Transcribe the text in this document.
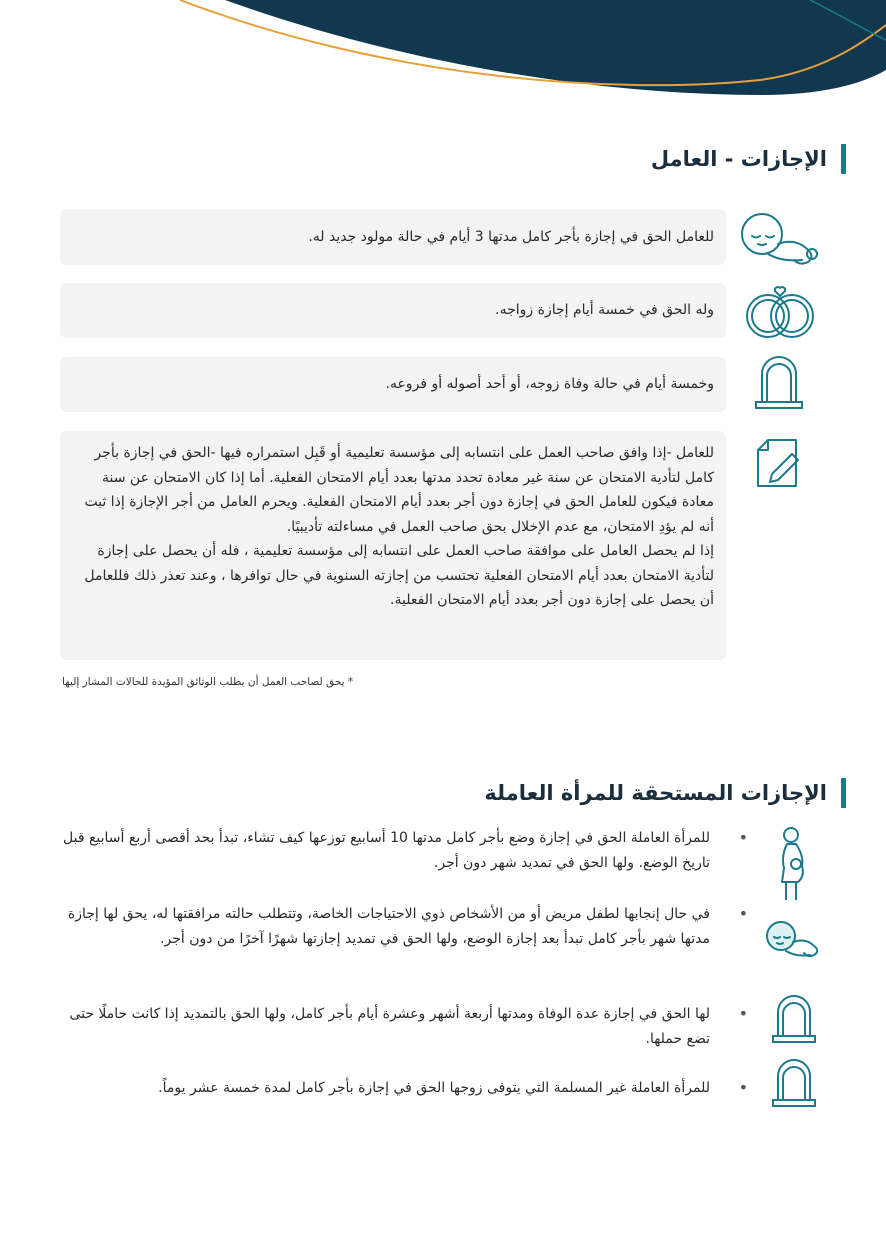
الإجازات - العامل
للعامل الحق في إجازة بأجر كامل مدتها 3 أيام في حالة مولود جديد له.
وله الحق في خمسة أيام إجازة زواجه.
وخمسة أيام في حالة وفاة زوجه، أو أحد أصوله أو فروعه.
للعامل -إذا وافق صاحب العمل على انتسابه إلى مؤسسة تعليمية أو قَبِل استمراره فيها -الحق في إجازة بأجر كامل لتأدية الامتحان عن سنة غير معادة تحدد مدتها بعدد أيام الامتحان الفعلية. أما إذا كان الامتحان عن سنة معادة فيكون للعامل الحق في إجازة دون أجر بعدد أيام الامتحان الفعلية. ويحرم العامل من أجر الإجازة إذا ثبت أنه لم يؤدِ الامتحان، مع عدم الإخلال بحق صاحب العمل في مساءلته تأديبيًا.
إذا لم يحصل العامل على موافقة صاحب العمل على انتسابه إلى مؤسسة تعليمية ، فله أن يحصل على إجازة لتأدية الامتحان بعدد أيام الامتحان الفعلية تحتسب من إجازته السنوية في حال توافرها ، وعند تعذر ذلك فللعامل أن يحصل على إجازة دون أجر بعدد أيام الامتحان الفعلية.
* يحق لصاحب العمل أن يطلب الوثائق المؤيدة للحالات المشار إليها
الإجازات المستحقة للمرأة العاملة
•
للمرأة العاملة الحق في إجازة وضع بأجر كامل مدتها 10 أسابيع توزعها كيف تشاء، تبدأ بحد أقصى أربع أسابيع قبل تاريخ الوضع. ولها الحق في تمديد شهر دون أجر.
•
في حال إنجابها لطفل مريض أو من الأشخاص ذوي الاحتياجات الخاصة، وتتطلب حالته مرافقتها له، يحق لها إجازة مدتها شهر بأجر كامل تبدأ بعد إجازة الوضع، ولها الحق في تمديد إجازتها شهرًا آخرًا من دون أجر.
•
لها الحق في إجازة عدة الوفاة ومدتها أربعة أشهر وعشرة أيام بأجر كامل، ولها الحق بالتمديد إذا كانت حاملًا حتى تضع حملها.
•
للمرأة العاملة غير المسلمة التي يتوفى زوجها الحق في إجازة بأجر كامل لمدة خمسة عشر يوماً.
